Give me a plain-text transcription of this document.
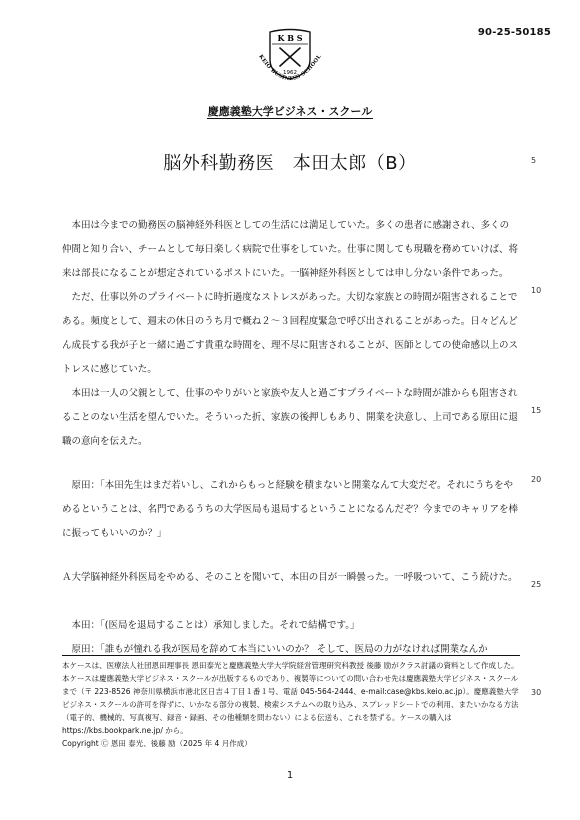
90-25-50185
K B S
1962
KEIO BUSINESS SCHOOL
慶應義塾大学ビジネス・スクール
脳外科勤務医　本田太郎（B）

本田は今までの勤務医の脳神経外科医としての生活には満足していた。多くの患者に感謝され、多くの仲間と知り合い、チームとして毎日楽しく病院で仕事をしていた。仕事に関しても現職を務めていけば、将来は部長になることが想定されているポストにいた。一脳神経外科医としては申し分ない条件であった。

ただ、仕事以外のプライベートに時折過度なストレスがあった。大切な家族との時間が阻害されることである。頻度として、週末の休日のうち月で概ね２～３回程度緊急で呼び出されることがあった。日々どんどん成長する我が子と一緒に過ごす貴重な時間を、理不尽に阻害されることが、医師としての使命感以上のストレスに感じていた。

本田は一人の父親として、仕事のやりがいと家族や友人と過ごすプライベートな時間が誰からも阻害されることのない生活を望んでいた。そういった折、家族の後押しもあり、開業を決意し、上司である原田に退職の意向を伝えた。

原田：「本田先生はまだ若いし、これからもっと経験を積まないと開業なんて大変だぞ。それにうちをやめるということは、名門であるうちの大学医局も退局するということになるんだぞ？今までのキャリアを棒に振ってもいいのか？」

Ａ大学脳神経外科医局をやめる、そのことを聞いて、本田の目が一瞬曇った。一呼吸ついて、こう続けた。

本田：「(医局を退局することは）承知しました。それで結構です。」

原田：「誰もが憧れる我が医局を辞めて本当にいいのか？ そして、医局の力がなければ開業なんか

5
10
15
20
25
30

本ケースは、医療法人社団恩田理事長 恩田泰光と慶應義塾大学大学院経営管理研究科教授 後藤 励がクラス討議の資料として作成した。

本ケースは慶應義塾大学ビジネス・スクールが出版するものであり、複製等についての問い合わせ先は慶應義塾大学ビジネス・スクールまで（〒 223-8526 神奈川県横浜市港北区日吉４丁目１番１号、電話 045-564-2444、e-mail:case@kbs.keio.ac.jp）。慶應義塾大学ビジネス・スクールの許可を得ずに、いかなる部分の複製、検索システムへの取り込み、スプレッドシートでの利用、またいかなる方法（電子的、機械的、写真複写、録音・録画、その他種類を問わない）による伝送も、これを禁ずる。ケースの購入は https://kbs.bookpark.ne.jp/ から。

Copyright Ⓒ 恩田 泰光、後藤 励（2025 年 4 月作成）

1
